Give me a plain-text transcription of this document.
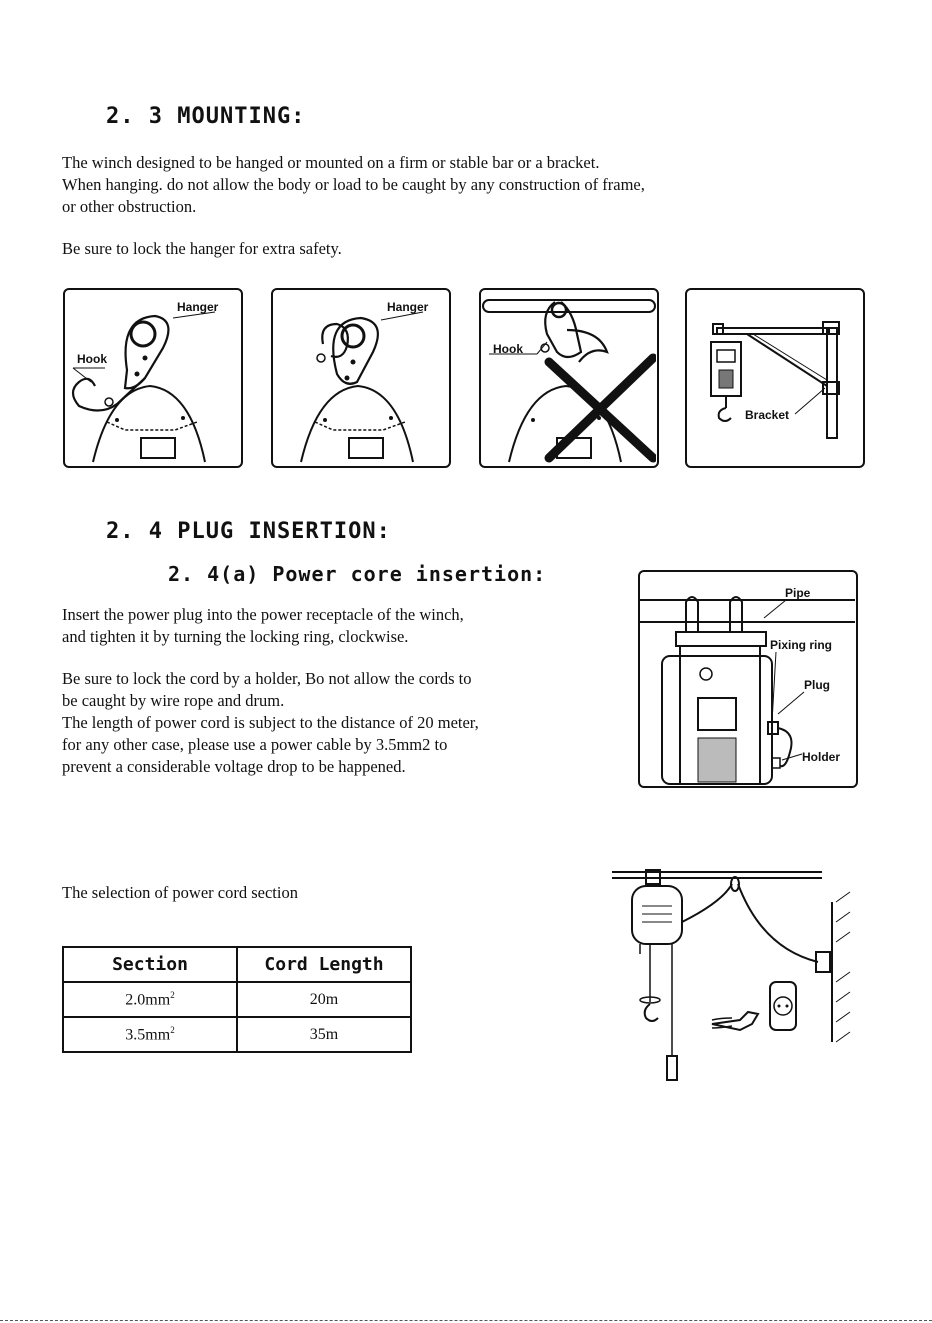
2. 3 MOUNTING:
The winch designed to be hanged or mounted on a firm or stable bar or a bracket.
When hanging. do not allow the body or load to be caught by any construction of frame,
or other obstruction.
Be sure to lock the hanger for extra safety.
Hanger
Hook
Hanger
Hook
Bracket
2. 4 PLUG INSERTION:
2. 4(a) Power core insertion:
Insert the power plug into the power receptacle of the winch,
and tighten it by turning the locking ring, clockwise.
Be sure to lock the cord by a holder, Bo not allow the cords to
be caught by wire rope and drum.
The length of power cord is subject to the distance of 20 meter,
for any other case, please use a power cable by 3.5mm2 to
prevent a considerable voltage drop to be happened.
Pipe
Pixing ring
Plug
Holder
The selection of power cord section
Section	Cord Length
$2.0mm^2$	20m
$3.5mm^2$	35m
